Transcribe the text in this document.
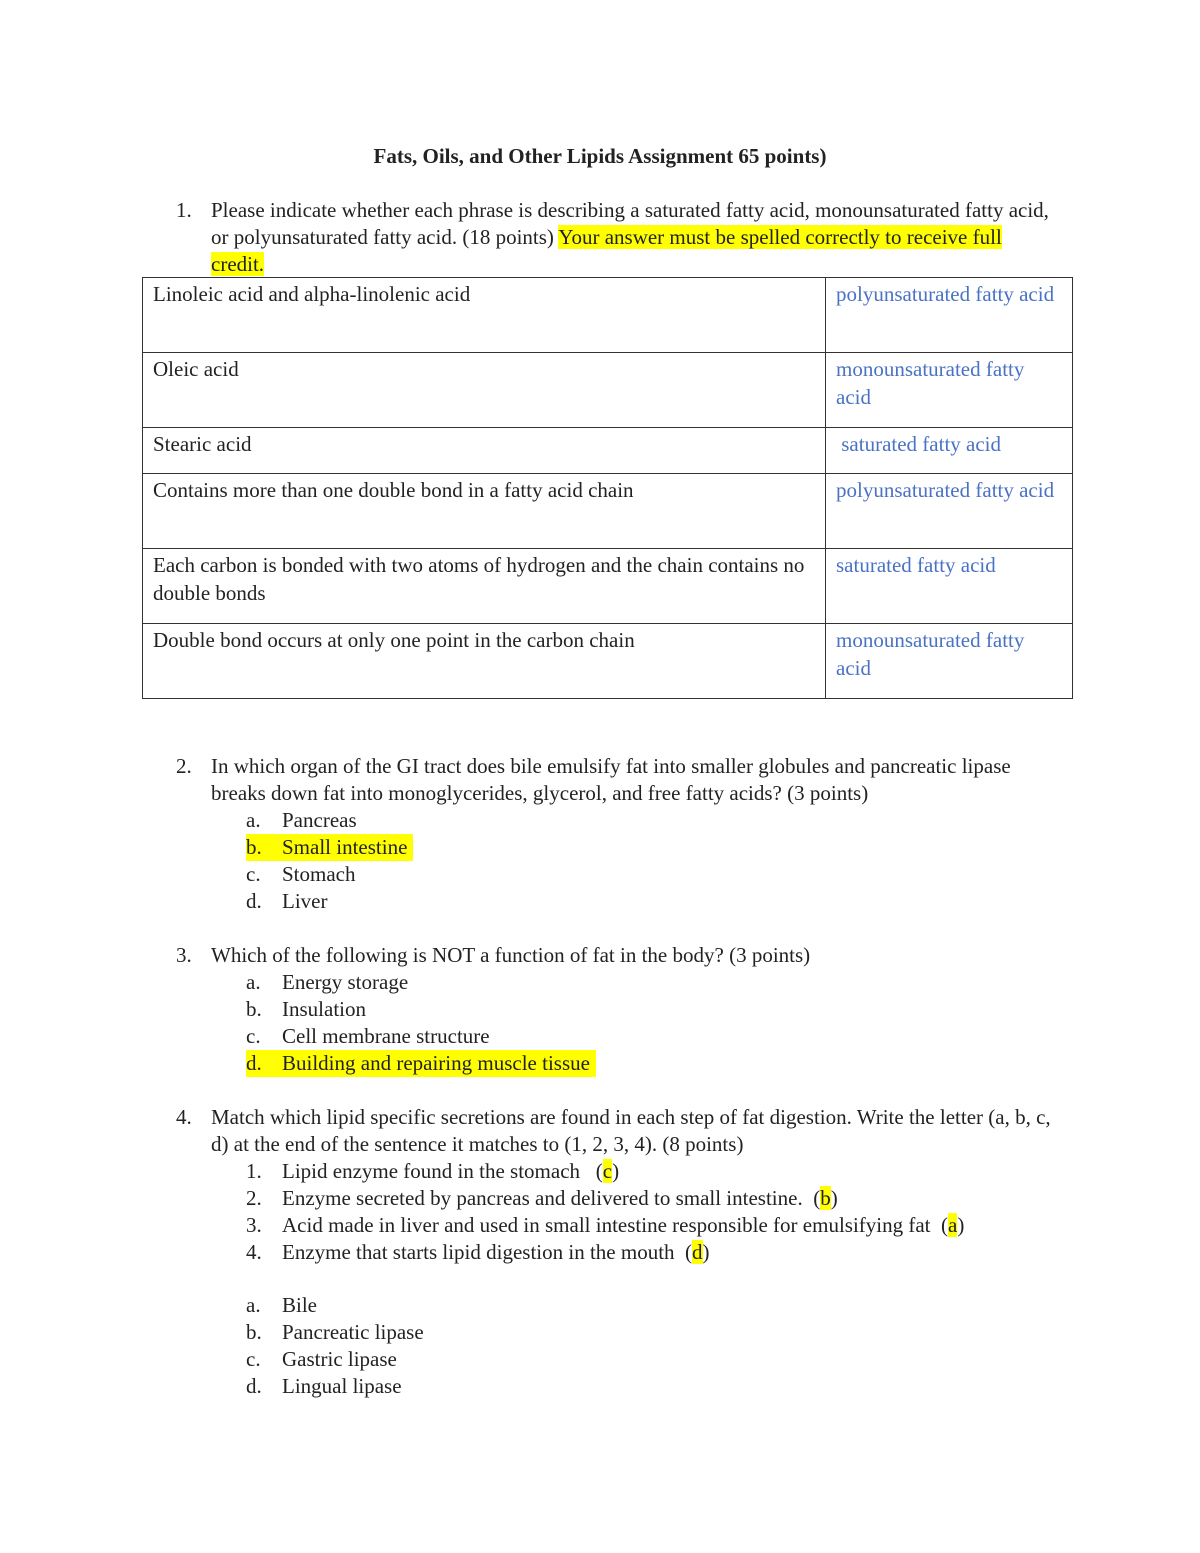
Fats, Oils, and Other Lipids Assignment 65 points)
1. Please indicate whether each phrase is describing a saturated fatty acid, monounsaturated fatty acid, or polyunsaturated fatty acid. (18 points) Your answer must be spelled correctly to receive full credit.
Linoleic acid and alpha-linolenic acid	polyunsaturated fatty acid
Oleic acid	monounsaturated fatty acid
Stearic acid	saturated fatty acid
Contains more than one double bond in a fatty acid chain	polyunsaturated fatty acid
Each carbon is bonded with two atoms of hydrogen and the chain contains no double bonds	saturated fatty acid
Double bond occurs at only one point in the carbon chain	monounsaturated fatty acid
2. In which organ of the GI tract does bile emulsify fat into smaller globules and pancreatic lipase breaks down fat into monoglycerides, glycerol, and free fatty acids? (3 points)
a. Pancreas
b. Small intestine
c. Stomach
d. Liver
3. Which of the following is NOT a function of fat in the body? (3 points)
a. Energy storage
b. Insulation
c. Cell membrane structure
d. Building and repairing muscle tissue
4. Match which lipid specific secretions are found in each step of fat digestion. Write the letter (a, b, c, d) at the end of the sentence it matches to (1, 2, 3, 4). (8 points)
1. Lipid enzyme found in the stomach   (c)
2. Enzyme secreted by pancreas and delivered to small intestine.  (b)
3. Acid made in liver and used in small intestine responsible for emulsifying fat  (a)
4. Enzyme that starts lipid digestion in the mouth  (d)
a. Bile
b. Pancreatic lipase
c. Gastric lipase
d. Lingual lipase
